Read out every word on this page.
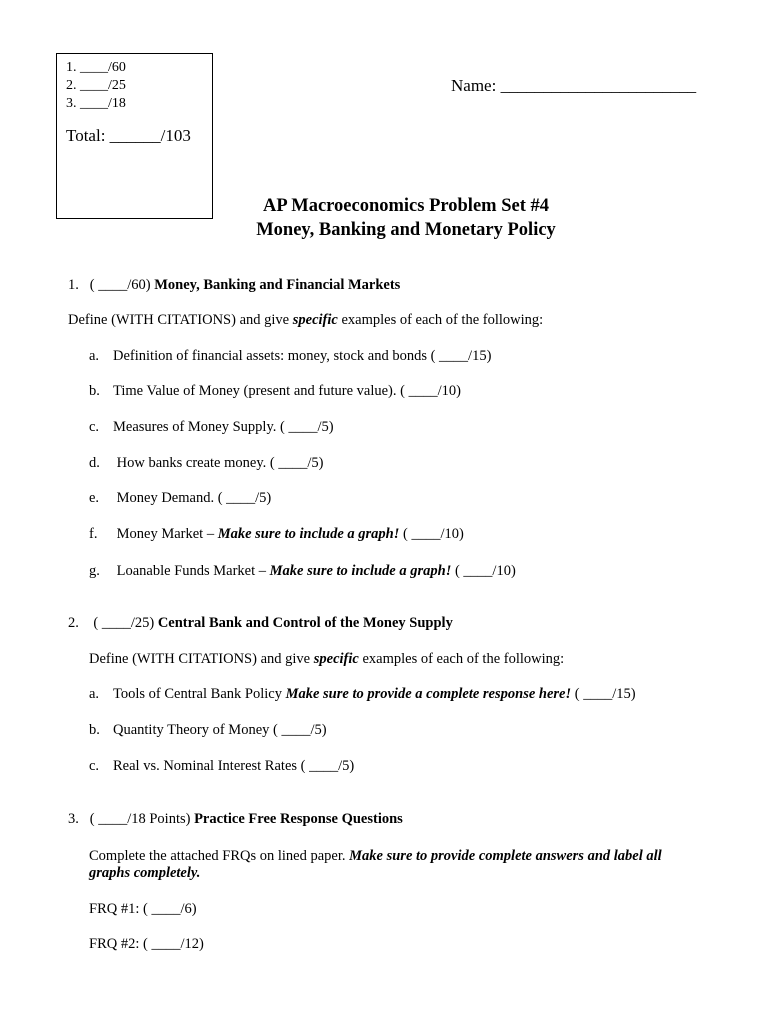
1. ____/60
2. ____/25
3. ____/18
Total: ______/103
Name: _______________________
AP Macroeconomics Problem Set #4
Money, Banking and Monetary Policy
1. ( ____/60) Money, Banking and Financial Markets
Define (WITH CITATIONS) and give specific examples of each of the following:
a. Definition of financial assets: money, stock and bonds ( ____/15)
b. Time Value of Money (present and future value). ( ____/10)
c. Measures of Money Supply. ( ____/5)
d. How banks create money. ( ____/5)
e. Money Demand. ( ____/5)
f. Money Market – Make sure to include a graph! ( ____/10)
g. Loanable Funds Market – Make sure to include a graph! ( ____/10)
2. ( ____/25) Central Bank and Control of the Money Supply
Define (WITH CITATIONS) and give specific examples of each of the following:
a. Tools of Central Bank Policy Make sure to provide a complete response here! ( ____/15)
b. Quantity Theory of Money ( ____/5)
c. Real vs. Nominal Interest Rates ( ____/5)
3. ( ____/18 Points) Practice Free Response Questions
Complete the attached FRQs on lined paper. Make sure to provide complete answers and label all
graphs completely.
FRQ #1: ( ____/6)
FRQ #2: ( ____/12)
